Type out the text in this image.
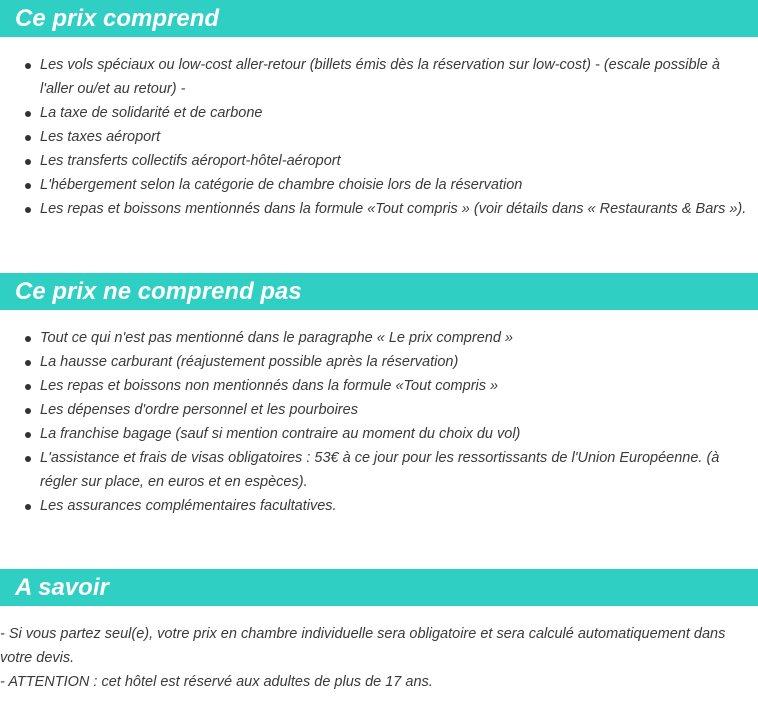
Ce prix comprend
Les vols spéciaux ou low-cost aller-retour (billets émis dès la réservation sur low-cost) - (escale possible à l'aller ou/et au retour) -
La taxe de solidarité et de carbone
Les taxes aéroport
Les transferts collectifs aéroport-hôtel-aéroport
L'hébergement selon la catégorie de chambre choisie lors de la réservation
Les repas et boissons mentionnés dans la formule «Tout compris » (voir détails dans « Restaurants & Bars »).
Ce prix ne comprend pas
Tout ce qui n'est pas mentionné dans le paragraphe « Le prix comprend »
La hausse carburant (réajustement possible après la réservation)
Les repas et boissons non mentionnés dans la formule «Tout compris »
Les dépenses d'ordre personnel et les pourboires
La franchise bagage (sauf si mention contraire au moment du choix du vol)
L'assistance et frais de visas obligatoires : 53€ à ce jour pour les ressortissants de l'Union Européenne. (à régler sur place, en euros et en espèces).
Les assurances complémentaires facultatives.
A savoir

- Si vous partez seul(e), votre prix en chambre individuelle sera obligatoire et sera calculé automatiquement dans votre devis.

- ATTENTION : cet hôtel est réservé aux adultes de plus de 17 ans.
